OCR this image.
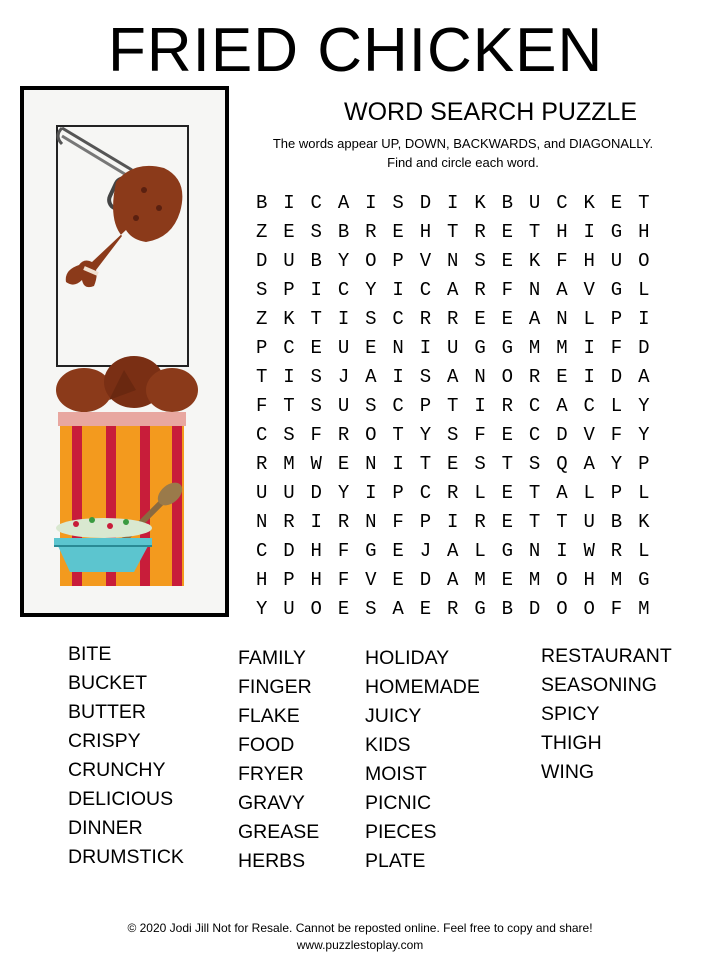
FRIED CHICKEN
WORD SEARCH PUZZLE
The words appear UP, DOWN, BACKWARDS, and DIAGONALLY.
Find and circle each word.
B I C A I S D I K B U C K E T
Z E S B R E H T R E T H I G H
D U B Y O P V N S E K F H U O
S P I C Y I C A R F N A V G L
Z K T I S C R R E E A N L P I
P C E U E N I U G G M M I F D
T I S J A I S A N O R E I D A
F T S U S C P T I R C A C L Y
C S F R O T Y S F E C D V F Y
R M W E N I T E S T S Q A Y P
U U D Y I P C R L E T A L P L
N R I R N F P I R E T T U B K
C D H F G E J A L G N I W R L
H P H F V E D A M E M O H M G
Y U O E S A E R G B D O O F M
BITE
BUCKET
BUTTER
CRISPY
CRUNCHY
DELICIOUS
DINNER
DRUMSTICK
FAMILY
FINGER
FLAKE
FOOD
FRYER
GRAVY
GREASE
HERBS
HOLIDAY
HOMEMADE
JUICY
KIDS
MOIST
PICNIC
PIECES
PLATE
RESTAURANT
SEASONING
SPICY
THIGH
WING
© 2020 Jodi Jill Not for Resale. Cannot be reposted online. Feel free to copy and share!
www.puzzlestoplay.com
